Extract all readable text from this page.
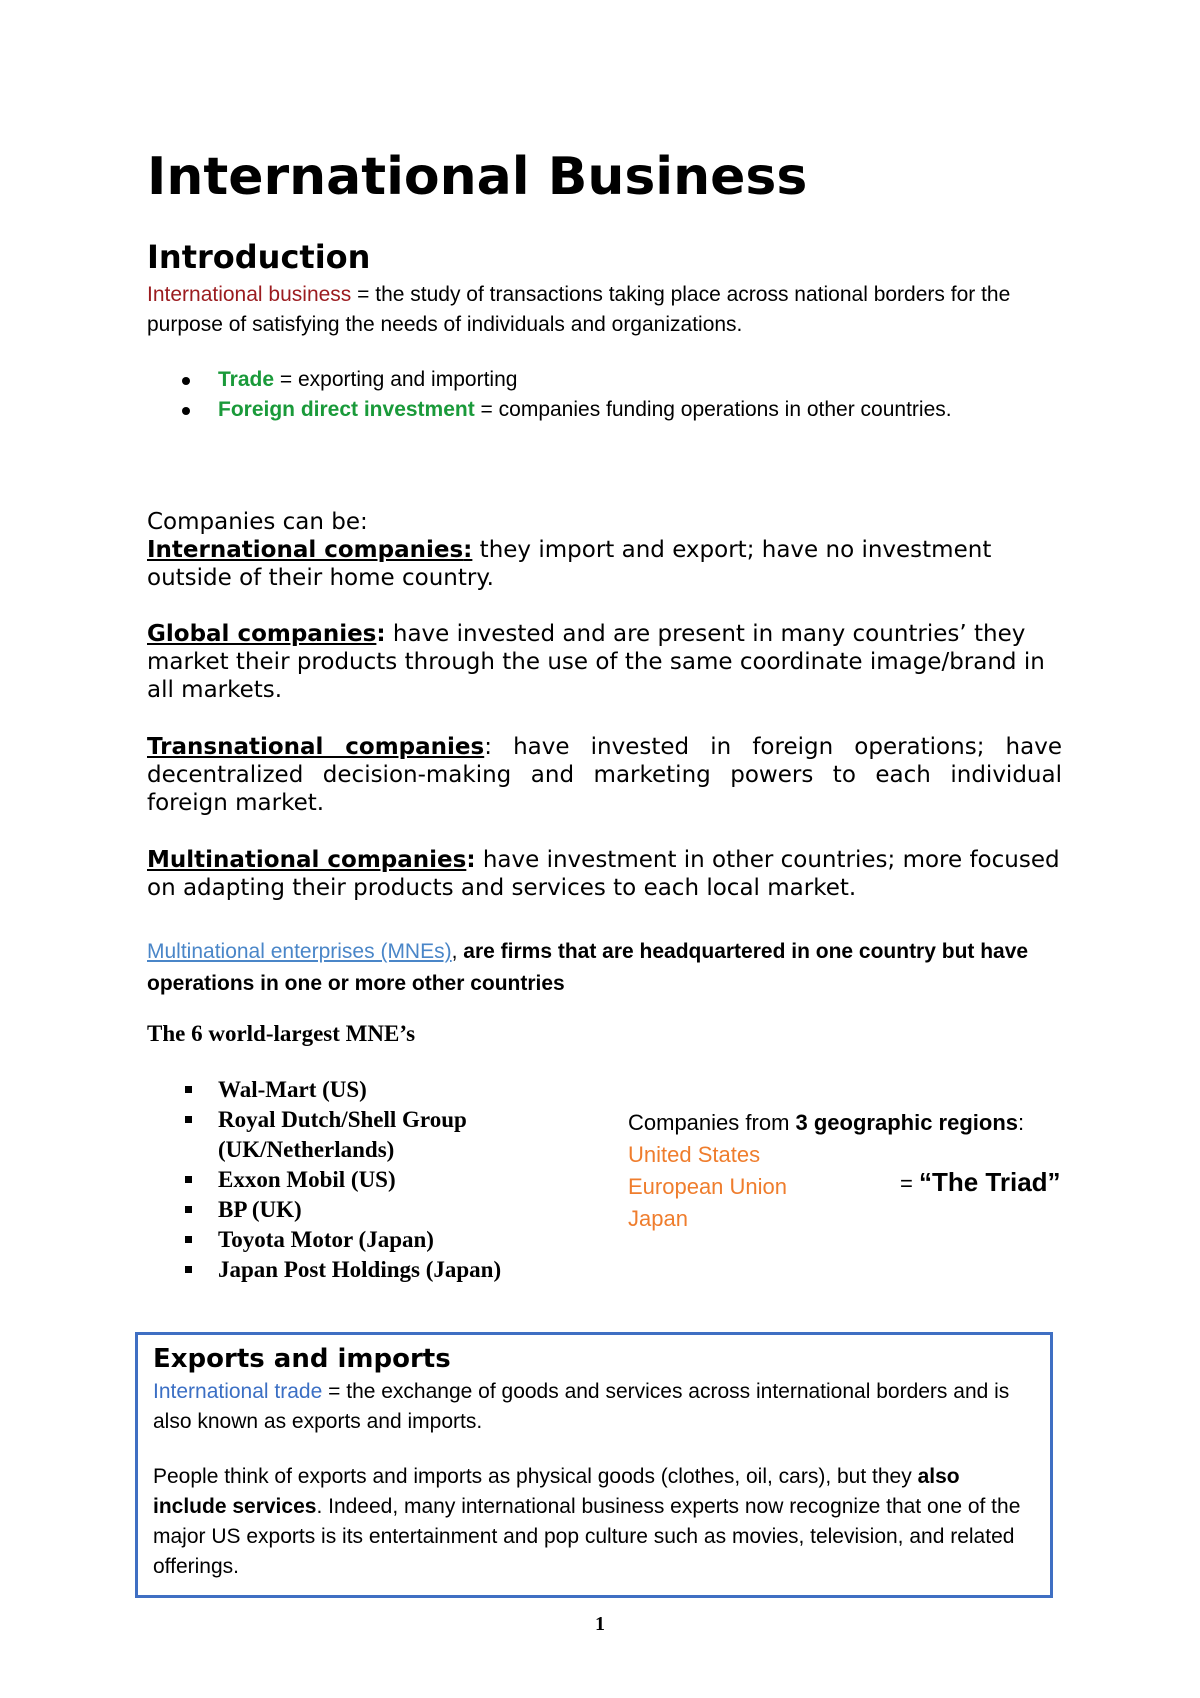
International Business
Introduction

International business = the study of transactions taking place across national borders for the purpose of satisfying the needs of individuals and organizations.

Trade = exporting and importing
Foreign direct investment = companies funding operations in other countries.

Companies can be:

International companies: they import and export; have no investment outside of their home country.

Global companies: have invested and are present in many countries’ they market their products through the use of the same coordinate image/brand in all markets.

Transnational companies: have invested in foreign operations; have decentralized decision-making and marketing powers to each individual foreign market.

Multinational companies: have investment in other countries; more focused on adapting their products and services to each local market.

Multinational enterprises (MNEs), are firms that are headquartered in one country but have operations in one or more other countries

The 6 world-largest MNE’s
Wal-Mart (US)
Royal Dutch/Shell Group (UK/Netherlands)
Exxon Mobil (US)
BP (UK)
Toyota Motor (Japan)
Japan Post Holdings (Japan)
Companies from 3 geographic regions:
United States
European Union
Japan
= “The Triad”
Exports and imports

International trade = the exchange of goods and services across international borders and is also known as exports and imports.

People think of exports and imports as physical goods (clothes, oil, cars), but they also include services. Indeed, many international business experts now recognize that one of the major US exports is its entertainment and pop culture such as movies, television, and related offerings.

1
